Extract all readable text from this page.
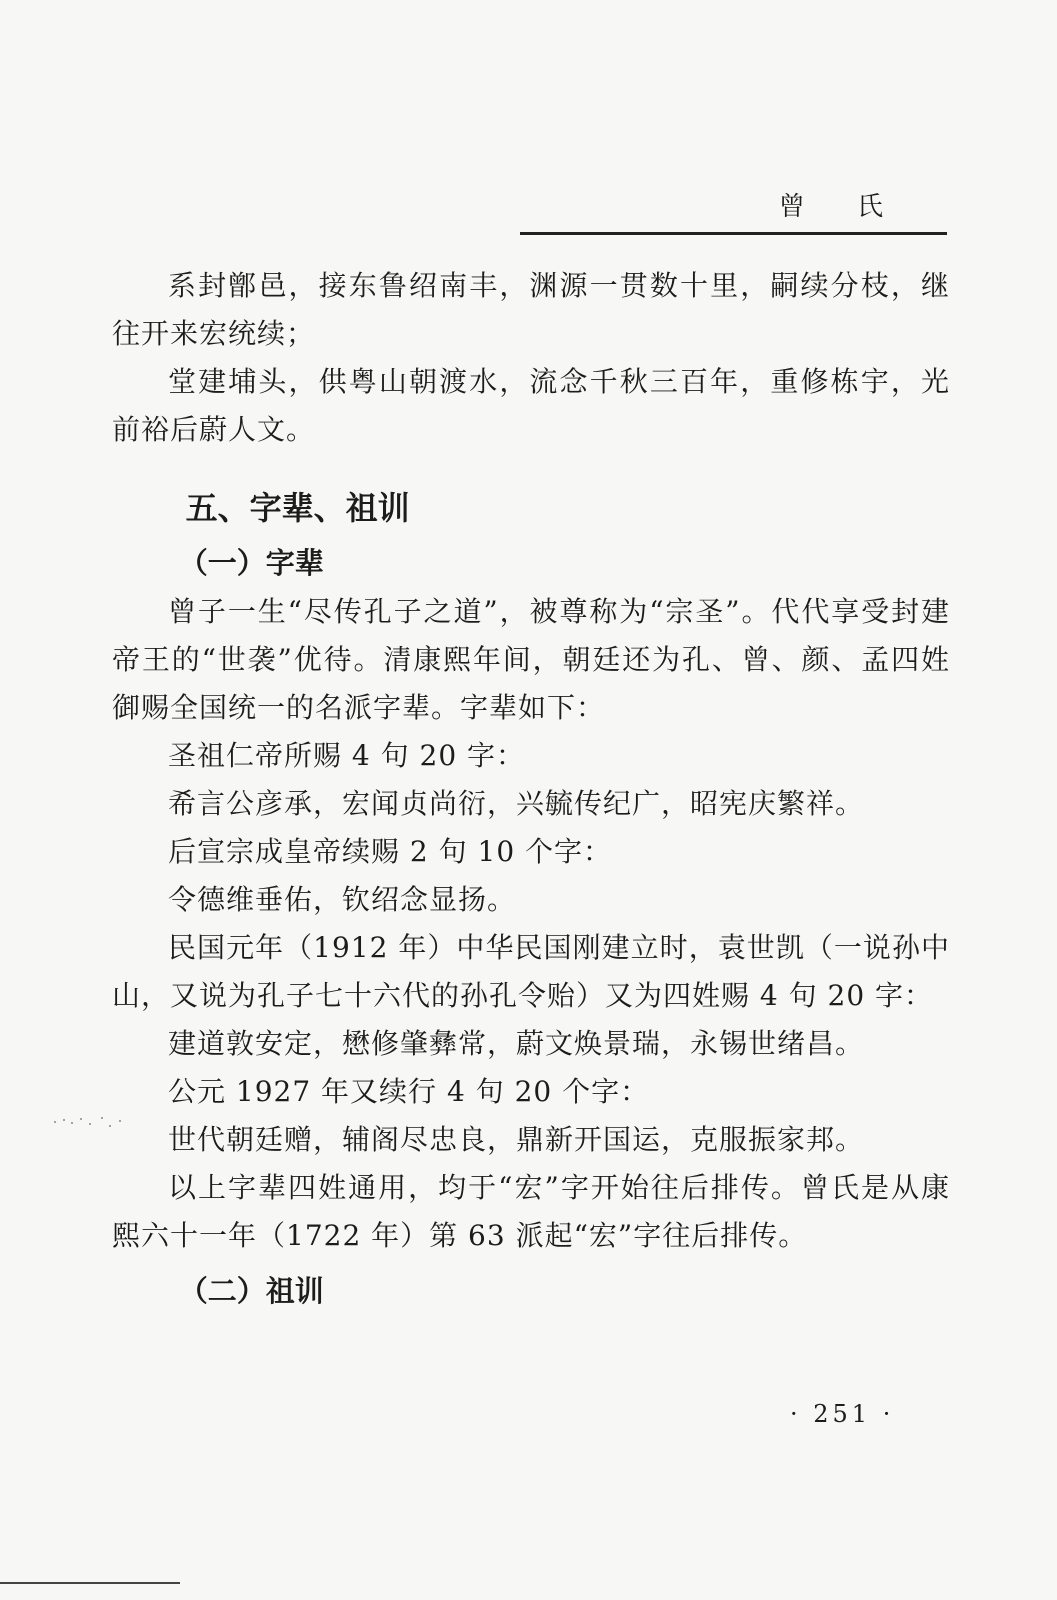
曾 氏

系封鄫邑，接东鲁绍南丰，渊源一贯数十里，嗣续分枝，继往开来宏统续；

堂建埔头，供粤山朝渡水，流念千秋三百年，重修栋宇，光前裕后蔚人文。

五、字辈、祖训
（一）字辈

曾子一生“尽传孔子之道”，被尊称为“宗圣”。代代享受封建帝王的“世袭”优待。清康熙年间，朝廷还为孔、曾、颜、孟四姓御赐全国统一的名派字辈。字辈如下：

圣祖仁帝所赐 4 句 20 字：

希言公彦承，宏闻贞尚衍，兴毓传纪广，昭宪庆繁祥。

后宣宗成皇帝续赐 2 句 10 个字：

令德维垂佑，钦绍念显扬。

民国元年（1912 年）中华民国刚建立时，袁世凯（一说孙中山，又说为孔子七十六代的孙孔令贻）又为四姓赐 4 句 20 字：

建道敦安定，懋修肇彝常，蔚文焕景瑞，永锡世绪昌。

公元 1927 年又续行 4 句 20 个字：

世代朝廷赠，辅阁尽忠良，鼎新开国运，克服振家邦。

以上字辈四姓通用，均于“宏”字开始往后排传。曾氏是从康熙六十一年（1722 年）第 63 派起“宏”字往后排传。

（二）祖训
· 251 ·
